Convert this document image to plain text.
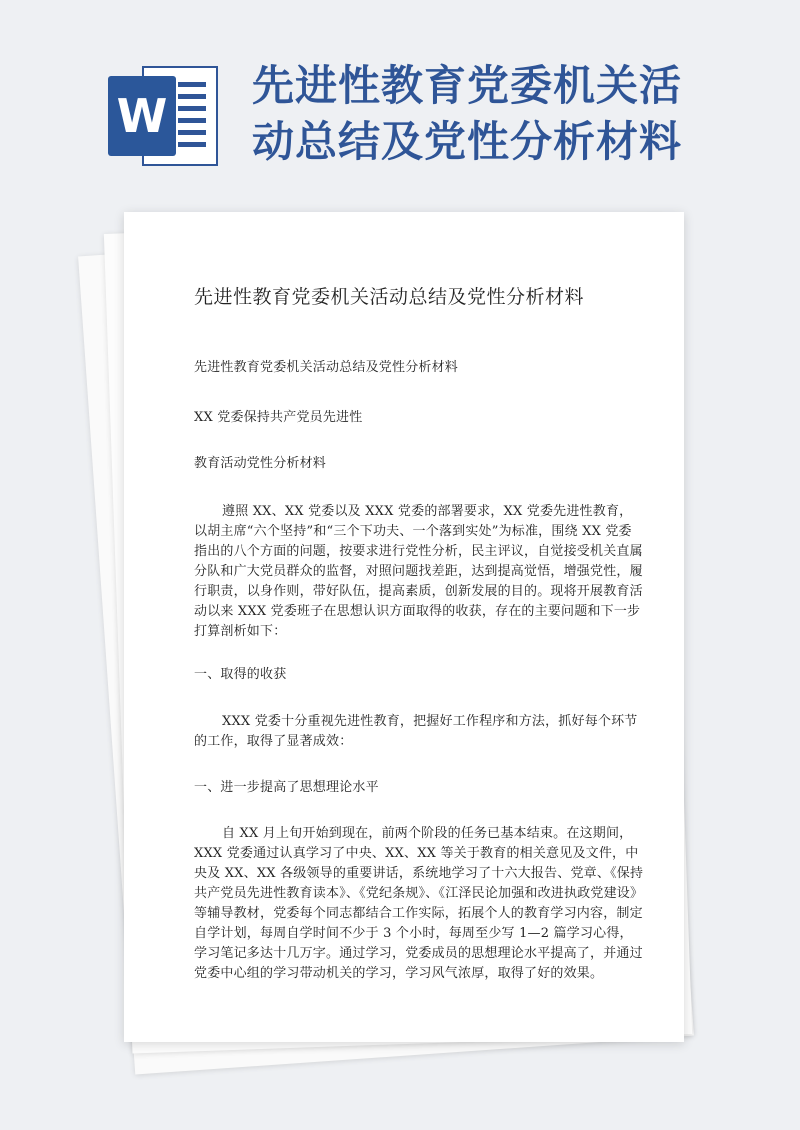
W
先进性教育党委机关活动总结及党性分析材料
先进性教育党委机关活动总结及党性分析材料
先进性教育党委机关活动总结及党性分析材料
XX 党委保持共产党员先进性
教育活动党性分析材料
遵照 XX、XX 党委以及 XXX 党委的部署要求，XX 党委先进性教育，以胡主席“六个坚持”和“三个下功夫、一个落到实处”为标准，围绕 XX 党委指出的八个方面的问题，按要求进行党性分析，民主评议，自觉接受机关直属分队和广大党员群众的监督，对照问题找差距，达到提高觉悟，增强党性，履行职责，以身作则，带好队伍，提高素质，创新发展的目的。现将开展教育活动以来 XXX 党委班子在思想认识方面取得的收获，存在的主要问题和下一步打算剖析如下：
一、取得的收获
XXX 党委十分重视先进性教育，把握好工作程序和方法，抓好每个环节的工作，取得了显著成效：
一、进一步提高了思想理论水平
自 XX 月上旬开始到现在，前两个阶段的任务已基本结束。在这期间，XXX 党委通过认真学习了中央、XX、XX 等关于教育的相关意见及文件，中央及 XX、XX 各级领导的重要讲话，系统地学习了十六大报告、党章、《保持共产党员先进性教育读本》、《党纪条规》、《江泽民论加强和改进执政党建设》等辅导教材，党委每个同志都结合工作实际，拓展个人的教育学习内容，制定自学计划，每周自学时间不少于 3 个小时，每周至少写 1—2 篇学习心得，学习笔记多达十几万字。通过学习，党委成员的思想理论水平提高了，并通过党委中心组的学习带动机关的学习，学习风气浓厚，取得了好的效果。
